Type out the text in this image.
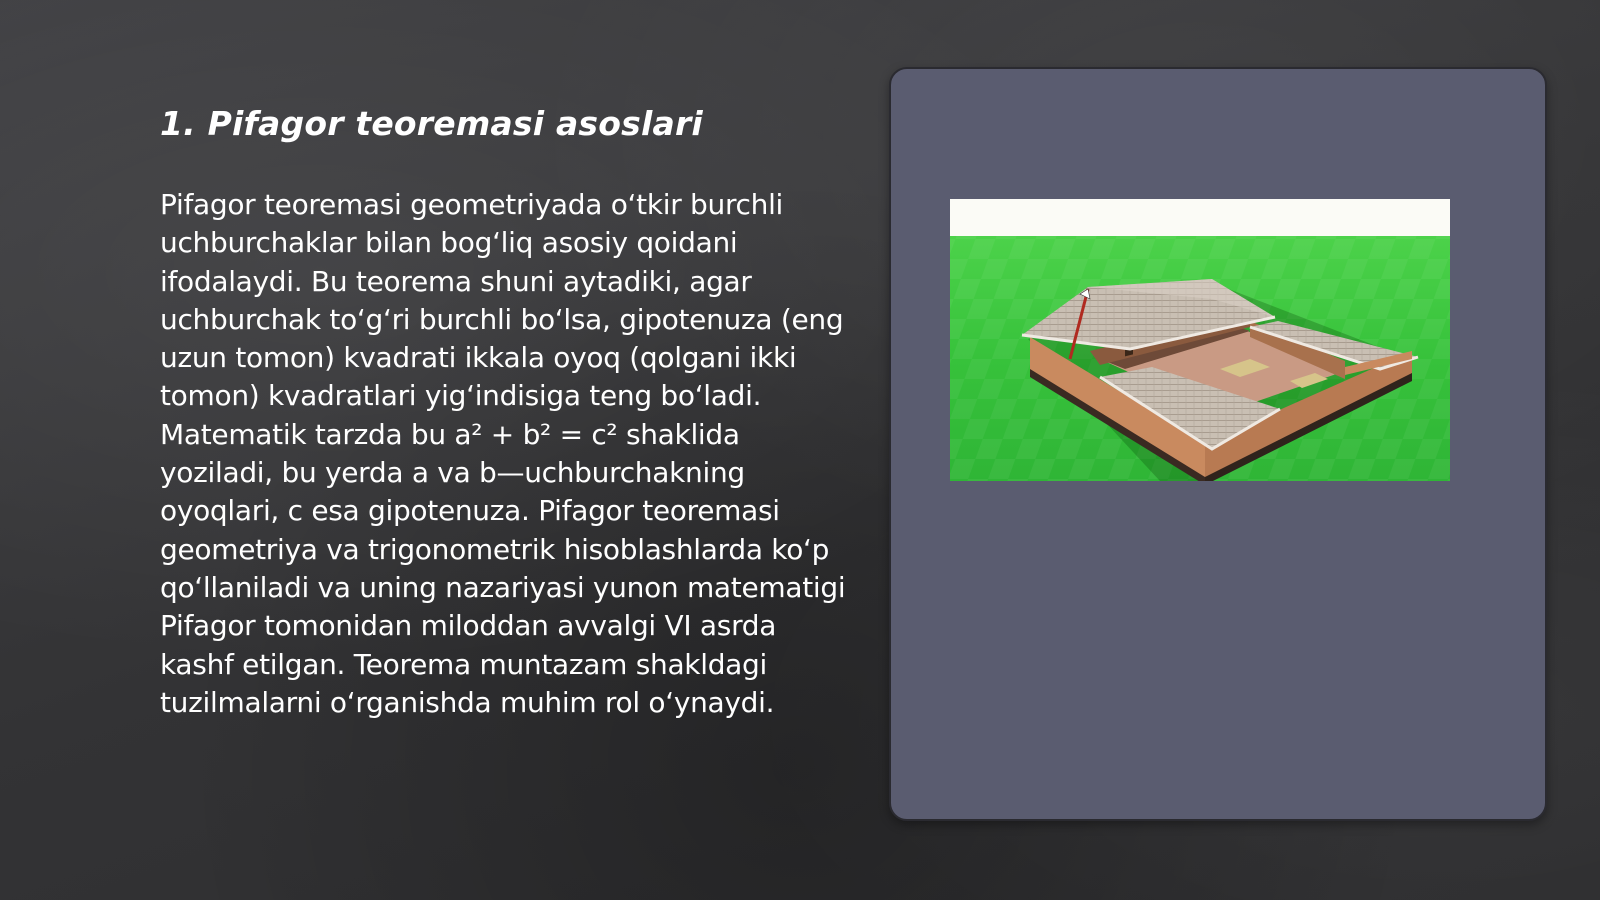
1. Pifagor teoremasi asoslari

Pifagor teoremasi geometriyada o‘tkir burchli uchburchaklar bilan bog‘liq asosiy qoidani ifodalaydi. Bu teorema shuni aytadiki, agar uchburchak to‘g‘ri burchli bo‘lsa, gipotenuza (eng uzun tomon) kvadrati ikkala oyoq (qolgani ikki tomon) kvadratlari yig‘indisiga teng bo‘ladi. Matematik tarzda bu a² + b² = c² shaklida yoziladi, bu yerda a va b—uchburchakning oyoqlari, c esa gipotenuza. Pifagor teoremasi geometriya va trigonometrik hisoblashlarda ko‘p qo‘llaniladi va uning nazariyasi yunon matematigi Pifagor tomonidan miloddan avvalgi VI asrda kashf etilgan. Teorema muntazam shakldagi tuzilmalarni o‘rganishda muhim rol o‘ynaydi.
